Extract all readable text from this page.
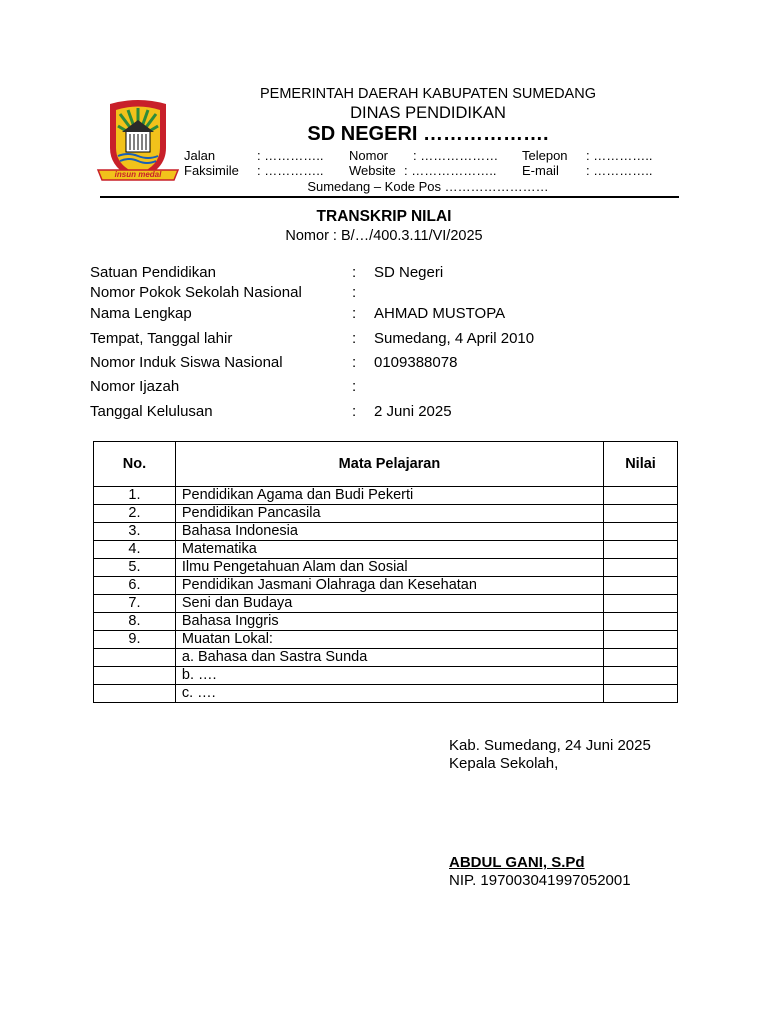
insun medal
PEMERINTAH DAERAH KABUPATEN SUMEDANG
DINAS PENDIDIKAN
SD NEGERI ……………….
Jalan	: ………….. Nomor : ……………… Telepon : …………..
Faksimile : ………….. Website : ……………….. E-mail : …………..
Sumedang – Kode Pos ……………………
TRANSKRIP NILAI
Nomor : B/…/400.3.11/VI/2025
Satuan Pendidikan	: SD Negeri
Nomor Pokok Sekolah Nasional	:
Nama Lengkap	: AHMAD MUSTOPA
Tempat, Tanggal lahir	: Sumedang, 4 April 2010
Nomor Induk Siswa Nasional	: 0109388078
Nomor Ijazah	:
Tanggal Kelulusan	: 2 Juni 2025
No.	Mata Pelajaran	Nilai
1.	Pendidikan Agama dan Budi Pekerti	
2.	Pendidikan Pancasila	
3.	Bahasa Indonesia	
4.	Matematika	
5.	Ilmu Pengetahuan Alam dan Sosial	
6.	Pendidikan Jasmani Olahraga dan Kesehatan	
7.	Seni dan Budaya	
8.	Bahasa Inggris	
9.	Muatan Lokal:	
	a. Bahasa dan Sastra Sunda	
	b. ….	
	c. ….	
Kab. Sumedang, 24 Juni 2025
Kepala Sekolah,
ABDUL GANI, S.Pd
NIP. 197003041997052001
